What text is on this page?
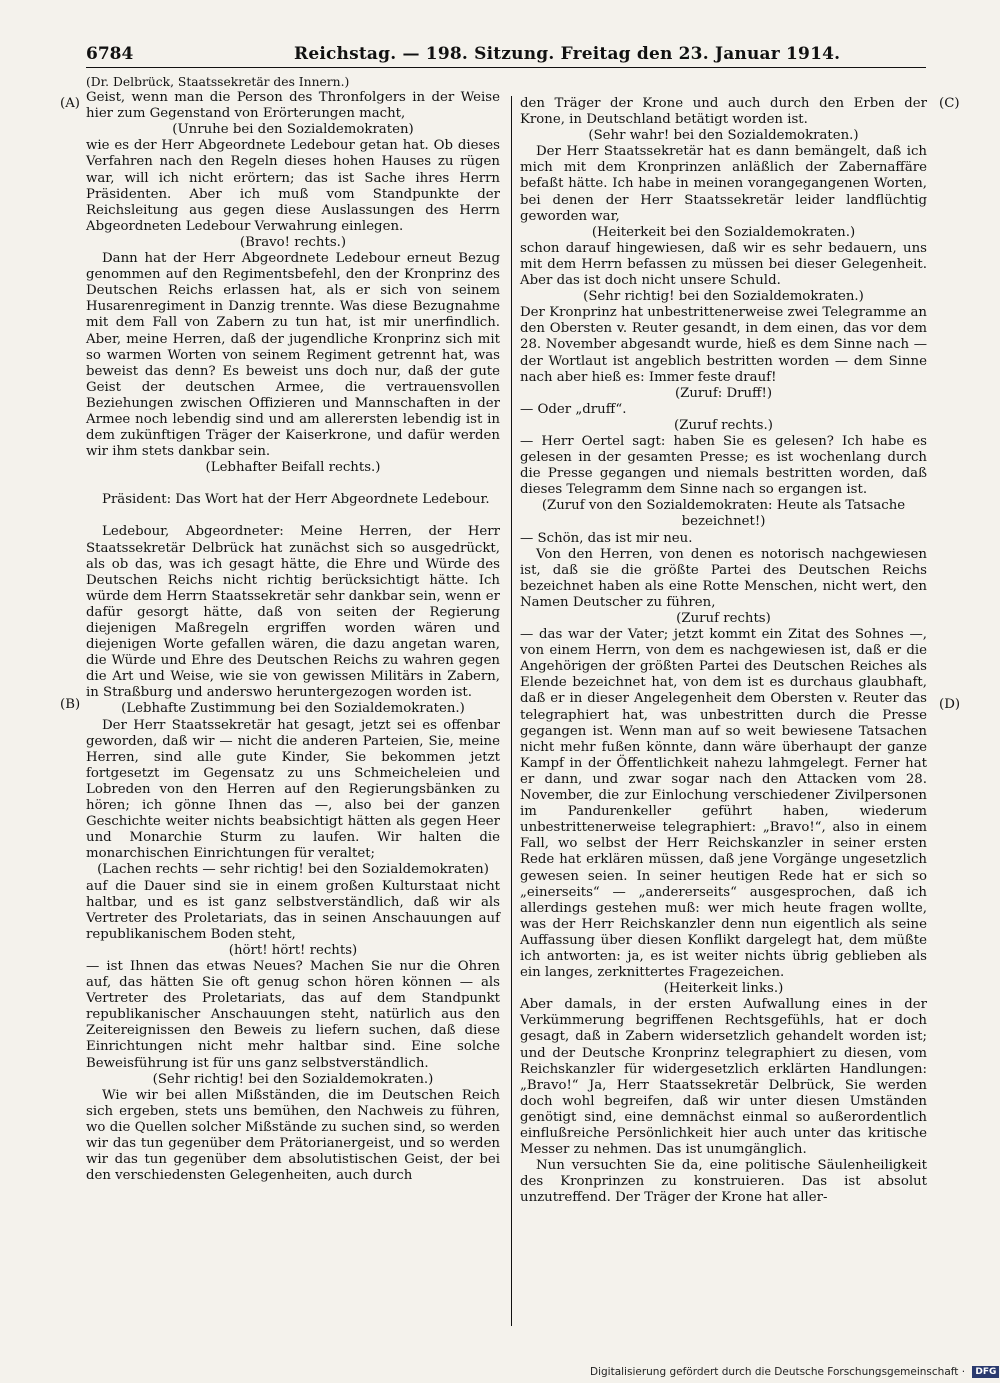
6784	Reichstag. — 198. Sitzung. Freitag den 23. Januar 1914.
(A)
(B)
(C)
(D)

(Dr. Delbrück, Staatssekretär des Innern.)

Geist, wenn man die Person des Thronfolgers in der Weise hier zum Gegenstand von Erörterungen macht,

(Unruhe bei den Sozialdemokraten)

wie es der Herr Abgeordnete Ledebour getan hat. Ob dieses Verfahren nach den Regeln dieses hohen Hauses zu rügen war, will ich nicht erörtern; das ist Sache ihres Herrn Präsidenten. Aber ich muß vom Standpunkte der Reichsleitung aus gegen diese Auslassungen des Herrn Abgeordneten Ledebour Verwahrung einlegen.

(Bravo! rechts.)

Dann hat der Herr Abgeordnete Ledebour erneut Bezug genommen auf den Regimentsbefehl, den der Kronprinz des Deutschen Reichs erlassen hat, als er sich von seinem Husarenregiment in Danzig trennte. Was diese Bezugnahme mit dem Fall von Zabern zu tun hat, ist mir unerfindlich. Aber, meine Herren, daß der jugendliche Kronprinz sich mit so warmen Worten von seinem Regiment getrennt hat, was beweist das denn? Es beweist uns doch nur, daß der gute Geist der deutschen Armee, die vertrauensvollen Beziehungen zwischen Offizieren und Mannschaften in der Armee noch lebendig sind und am allerersten lebendig ist in dem zukünftigen Träger der Kaiserkrone, und dafür werden wir ihm stets dankbar sein.

(Lebhafter Beifall rechts.)

Präsident: Das Wort hat der Herr Abgeordnete Ledebour.

Ledebour, Abgeordneter: Meine Herren, der Herr Staatssekretär Delbrück hat zunächst sich so ausgedrückt, als ob das, was ich gesagt hätte, die Ehre und Würde des Deutschen Reichs nicht richtig berücksichtigt hätte. Ich würde dem Herrn Staatssekretär sehr dankbar sein, wenn er dafür gesorgt hätte, daß von seiten der Regierung diejenigen Maßregeln ergriffen worden wären und diejenigen Worte gefallen wären, die dazu angetan waren, die Würde und Ehre des Deutschen Reichs zu wahren gegen die Art und Weise, wie sie von gewissen Militärs in Zabern, in Straßburg und anderswo heruntergezogen worden ist.

(Lebhafte Zustimmung bei den Sozialdemokraten.)

Der Herr Staatssekretär hat gesagt, jetzt sei es offenbar geworden, daß wir — nicht die anderen Parteien, Sie, meine Herren, sind alle gute Kinder, Sie bekommen jetzt fortgesetzt im Gegensatz zu uns Schmeicheleien und Lobreden von den Herren auf den Regierungsbänken zu hören; ich gönne Ihnen das —, also bei der ganzen Geschichte weiter nichts beabsichtigt hätten als gegen Heer und Monarchie Sturm zu laufen. Wir halten die monarchischen Einrichtungen für veraltet;

(Lachen rechts — sehr richtig! bei den Sozialdemokraten)

auf die Dauer sind sie in einem großen Kulturstaat nicht haltbar, und es ist ganz selbstverständlich, daß wir als Vertreter des Proletariats, das in seinen Anschauungen auf republikanischem Boden steht,

(hört! hört! rechts)

— ist Ihnen das etwas Neues? Machen Sie nur die Ohren auf, das hätten Sie oft genug schon hören können — als Vertreter des Proletariats, das auf dem Standpunkt republikanischer Anschauungen steht, natürlich aus den Zeitereignissen den Beweis zu liefern suchen, daß diese Einrichtungen nicht mehr haltbar sind. Eine solche Beweisführung ist für uns ganz selbstverständlich.

(Sehr richtig! bei den Sozialdemokraten.)

Wie wir bei allen Mißständen, die im Deutschen Reich sich ergeben, stets uns bemühen, den Nachweis zu führen, wo die Quellen solcher Mißstände zu suchen sind, so werden wir das tun gegenüber dem Prätorianergeist, und so werden wir das tun gegenüber dem absolutistischen Geist, der bei den verschiedensten Gelegenheiten, auch durch

den Träger der Krone und auch durch den Erben der Krone, in Deutschland betätigt worden ist.

(Sehr wahr! bei den Sozialdemokraten.)

Der Herr Staatssekretär hat es dann bemängelt, daß ich mich mit dem Kronprinzen anläßlich der Zabernaffäre befaßt hätte. Ich habe in meinen vorangegangenen Worten, bei denen der Herr Staatssekretär leider landflüchtig geworden war,

(Heiterkeit bei den Sozialdemokraten.)

schon darauf hingewiesen, daß wir es sehr bedauern, uns mit dem Herrn befassen zu müssen bei dieser Gelegenheit. Aber das ist doch nicht unsere Schuld.

(Sehr richtig! bei den Sozialdemokraten.)

Der Kronprinz hat unbestrittenerweise zwei Telegramme an den Obersten v. Reuter gesandt, in dem einen, das vor dem 28. November abgesandt wurde, hieß es dem Sinne nach — der Wortlaut ist angeblich bestritten worden — dem Sinne nach aber hieß es: Immer feste drauf!

(Zuruf: Druff!)

— Oder „druff“.

(Zuruf rechts.)

— Herr Oertel sagt: haben Sie es gelesen? Ich habe es gelesen in der gesamten Presse; es ist wochenlang durch die Presse gegangen und niemals bestritten worden, daß dieses Telegramm dem Sinne nach so ergangen ist.

(Zuruf von den Sozialdemokraten: Heute als Tatsache bezeichnet!)

— Schön, das ist mir neu.

Von den Herren, von denen es notorisch nachgewiesen ist, daß sie die größte Partei des Deutschen Reichs bezeichnet haben als eine Rotte Menschen, nicht wert, den Namen Deutscher zu führen,

(Zuruf rechts)

— das war der Vater; jetzt kommt ein Zitat des Sohnes —, von einem Herrn, von dem es nachgewiesen ist, daß er die Angehörigen der größten Partei des Deutschen Reiches als Elende bezeichnet hat, von dem ist es durchaus glaubhaft, daß er in dieser Angelegenheit dem Obersten v. Reuter das telegraphiert hat, was unbestritten durch die Presse gegangen ist. Wenn man auf so weit bewiesene Tatsachen nicht mehr fußen könnte, dann wäre überhaupt der ganze Kampf in der Öffentlichkeit nahezu lahmgelegt. Ferner hat er dann, und zwar sogar nach den Attacken vom 28. November, die zur Einlochung verschiedener Zivilpersonen im Pandurenkeller geführt haben, wiederum unbestrittenerweise telegraphiert: „Bravo!“, also in einem Fall, wo selbst der Herr Reichskanzler in seiner ersten Rede hat erklären müssen, daß jene Vorgänge ungesetzlich gewesen seien. In seiner heutigen Rede hat er sich so „einerseits“ — „andererseits“ ausgesprochen, daß ich allerdings gestehen muß: wer mich heute fragen wollte, was der Herr Reichskanzler denn nun eigentlich als seine Auffassung über diesen Konflikt dargelegt hat, dem müßte ich antworten: ja, es ist weiter nichts übrig geblieben als ein langes, zerknittertes Fragezeichen.

(Heiterkeit links.)

Aber damals, in der ersten Aufwallung eines in der Verkümmerung begriffenen Rechtsgefühls, hat er doch gesagt, daß in Zabern widersetzlich gehandelt worden ist; und der Deutsche Kronprinz telegraphiert zu diesen, vom Reichskanzler für widergesetzlich erklärten Handlungen: „Bravo!“ Ja, Herr Staatssekretär Delbrück, Sie werden doch wohl begreifen, daß wir unter diesen Umständen genötigt sind, eine demnächst einmal so außerordentlich einflußreiche Persönlichkeit hier auch unter das kritische Messer zu nehmen. Das ist unumgänglich.

Nun versuchten Sie da, eine politische Säulenheiligkeit des Kronprinzen zu konstruieren. Das ist absolut unzutreffend. Der Träger der Krone hat aller-

Digitalisierung gefördert durch die Deutsche Forschungsgemeinschaft · DFG
